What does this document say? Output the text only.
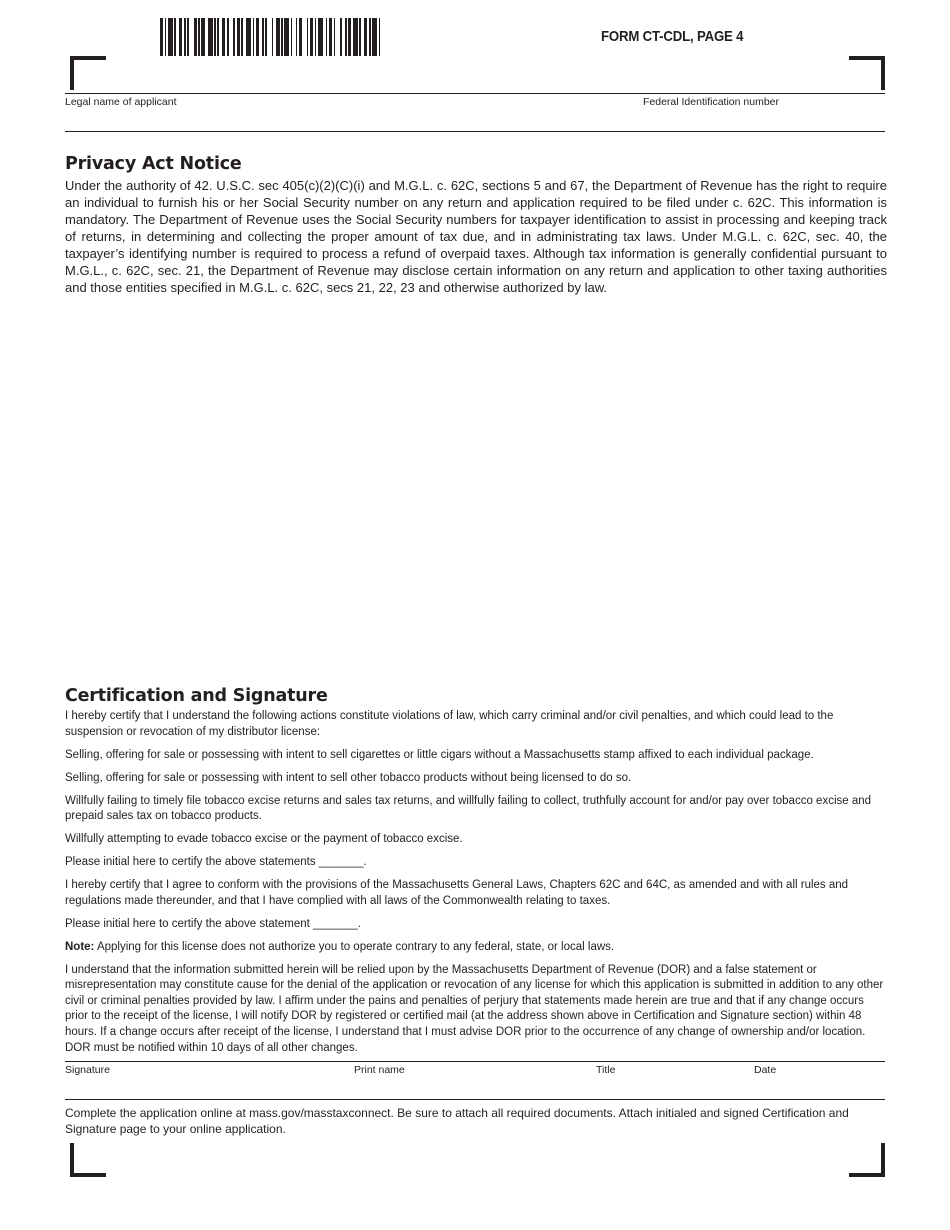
FORM CT-CDL, PAGE 4
Legal name of applicant	Federal Identification number
Privacy Act Notice
Under the authority of 42. U.S.C. sec 405(c)(2)(C)(i) and M.G.L. c. 62C, sections 5 and 67, the Department of Revenue has the right to require an individual to furnish his or her Social Security number on any return and application required to be filed under c. 62C. This information is mandatory. The Department of Revenue uses the Social Security numbers for taxpayer identification to assist in processing and keeping track of returns, in determining and collecting the proper amount of tax due, and in administrating tax laws. Under M.G.L. c. 62C, sec. 40, the taxpayer’s identifying number is required to process a refund of overpaid taxes. Although tax information is generally confidential pursuant to M.G.L., c. 62C, sec. 21, the Department of Revenue may disclose certain information on any return and application to other taxing authorities and those entities specified in M.G.L. c. 62C, secs 21, 22, 23 and otherwise authorized by law.
Certification and Signature

I hereby certify that I understand the following actions constitute violations of law, which carry criminal and/or civil penalties, and which could lead to the suspension or revocation of my distributor license:

Selling, offering for sale or possessing with intent to sell cigarettes or little cigars without a Massachusetts stamp affixed to each individual package.

Selling, offering for sale or possessing with intent to sell other tobacco products without being licensed to do so.

Willfully failing to timely file tobacco excise returns and sales tax returns, and willfully failing to collect, truthfully account for and/or pay over tobacco excise and prepaid sales tax on tobacco products.

Willfully attempting to evade tobacco excise or the payment of tobacco excise.

Please initial here to certify the above statements _______.

I hereby certify that I agree to conform with the provisions of the Massachusetts General Laws, Chapters 62C and 64C, as amended and with all rules and regulations made thereunder, and that I have complied with all laws of the Commonwealth relating to taxes.

Please initial here to certify the above statement _______.

Note: Applying for this license does not authorize you to operate contrary to any federal, state, or local laws.

I understand that the information submitted herein will be relied upon by the Massachusetts Department of Revenue (DOR) and a false statement or misrepresentation may constitute cause for the denial of the application or revocation of any license for which this application is submitted in addition to any other civil or criminal penalties provided by law. I affirm under the pains and penalties of perjury that statements made herein are true and that if any change occurs prior to the receipt of the license, I will notify DOR by registered or certified mail (at the address shown above in Certification and Signature section) within 48 hours. If a change occurs after receipt of the license, I understand that I must advise DOR prior to the occurrence of any change of ownership and/or location. DOR must be notified within 10 days of all other changes.

Signature	Print name	Title	Date
Complete the application online at mass.gov/masstaxconnect. Be sure to attach all required documents. Attach initialed and signed Certification and Signature page to your online application.
